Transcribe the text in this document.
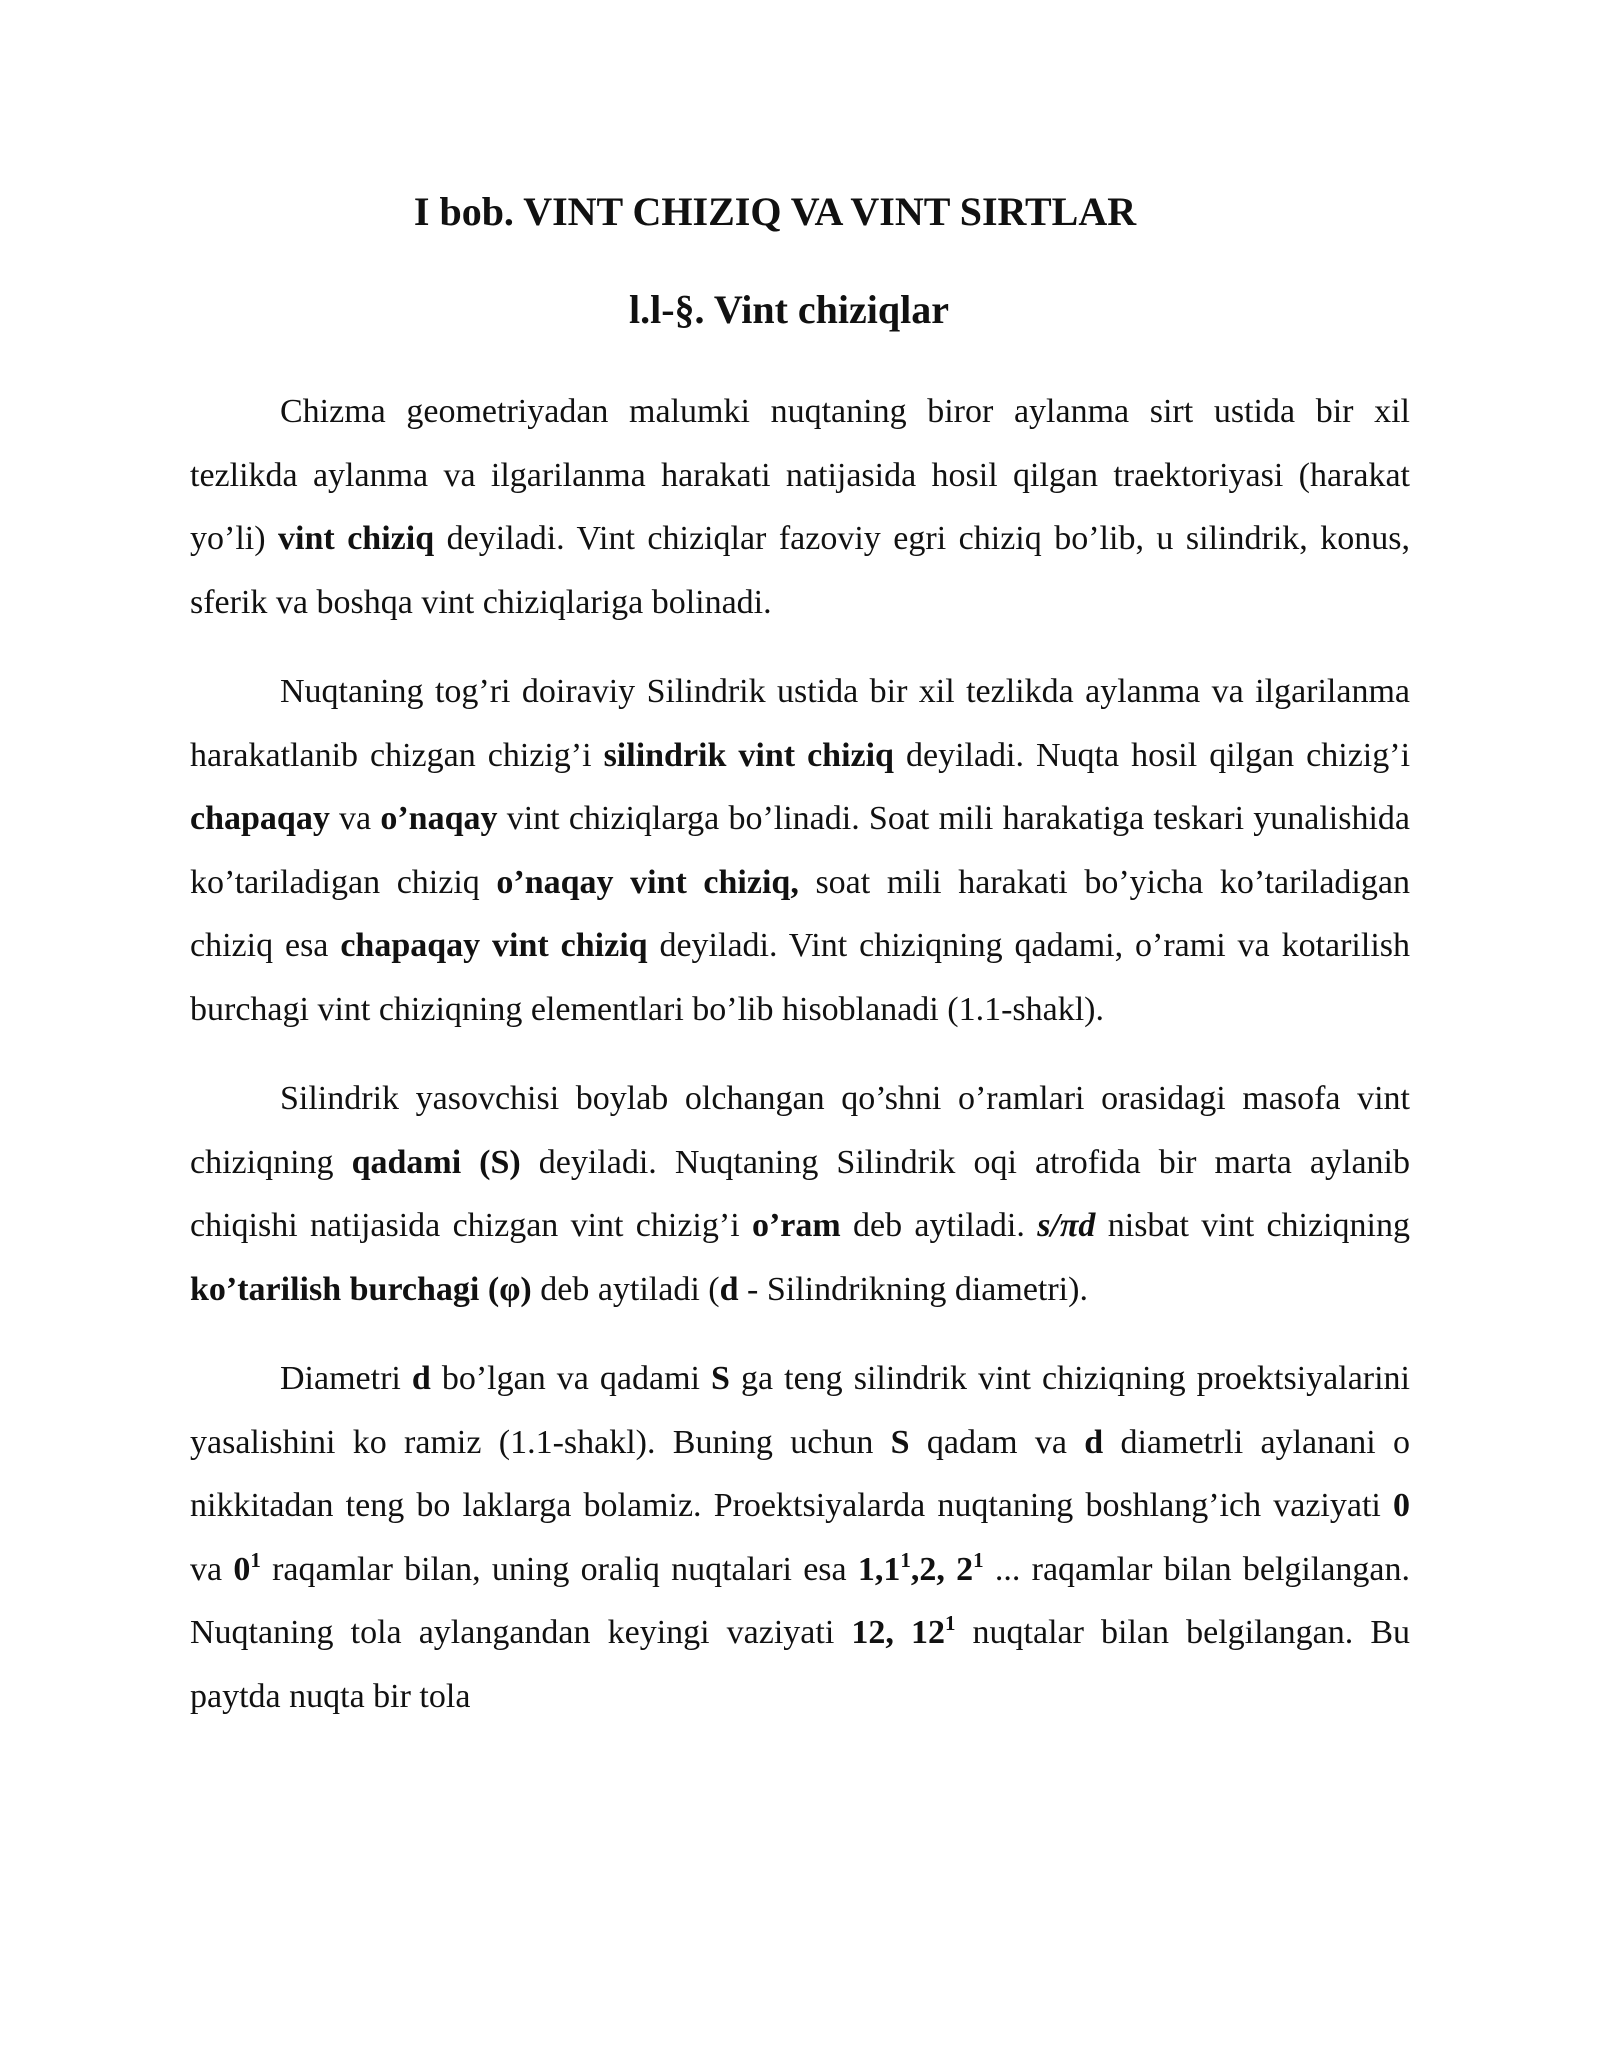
I bob. VINT CHIZIQ VA VINT SIRTLAR
l.l-§. Vint chiziqlar

Chizma geometriyadan malumki nuqtaning biror aylanma sirt ustida bir xil tezlikda aylanma va ilgarilanma harakati natijasida hosil qilgan traektoriyasi (harakat yo’li) vint chiziq deyiladi. Vint chiziqlar fazoviy egri chiziq bo’lib, u silindrik, konus, sferik va boshqa vint chiziqlariga bolinadi.

Nuqtaning tog’ri doiraviy Silindrik ustida bir xil tezlikda aylanma va ilgarilanma harakatlanib chizgan chizig’i silindrik vint chiziq deyiladi. Nuqta hosil qilgan chizig’i chapaqay va o’naqay vint chiziqlarga bo’linadi. Soat mili harakatiga teskari yunalishida ko’tariladigan chiziq o’naqay vint chiziq, soat mili harakati bo’yicha ko’tariladigan chiziq esa chapaqay vint chiziq deyiladi. Vint chiziqning qadami, o’rami va kotarilish burchagi vint chiziqning elementlari bo’lib hisoblanadi (1.1-shakl).

Silindrik yasovchisi boylab olchangan qo’shni o’ramlari orasidagi masofa vint chiziqning qadami (S) deyiladi. Nuqtaning Silindrik oqi atrofida bir marta aylanib chiqishi natijasida chizgan vint chizig’i o’ram deb aytiladi. s/πd nisbat vint chiziqning ko’tarilish burchagi (φ) deb aytiladi (d - Silindrikning diametri).

Diametri d bo’lgan va qadami S ga teng silindrik vint chiziqning proektsiyalarini yasalishini ko ramiz (1.1-shakl). Buning uchun S qadam va d diametrli aylanani o nikkitadan teng bo laklarga bolamiz. Proektsiyalarda nuqtaning boshlang’ich vaziyati 0 va $0^1$ raqamlar bilan, uning oraliq nuqtalari esa $1,1^1,2$, $2^1$ ... raqamlar bilan belgilangan. Nuqtaning tola aylangandan keyingi vaziyati 12, $12^1$ nuqtalar bilan belgilangan. Bu paytda nuqta bir tola
